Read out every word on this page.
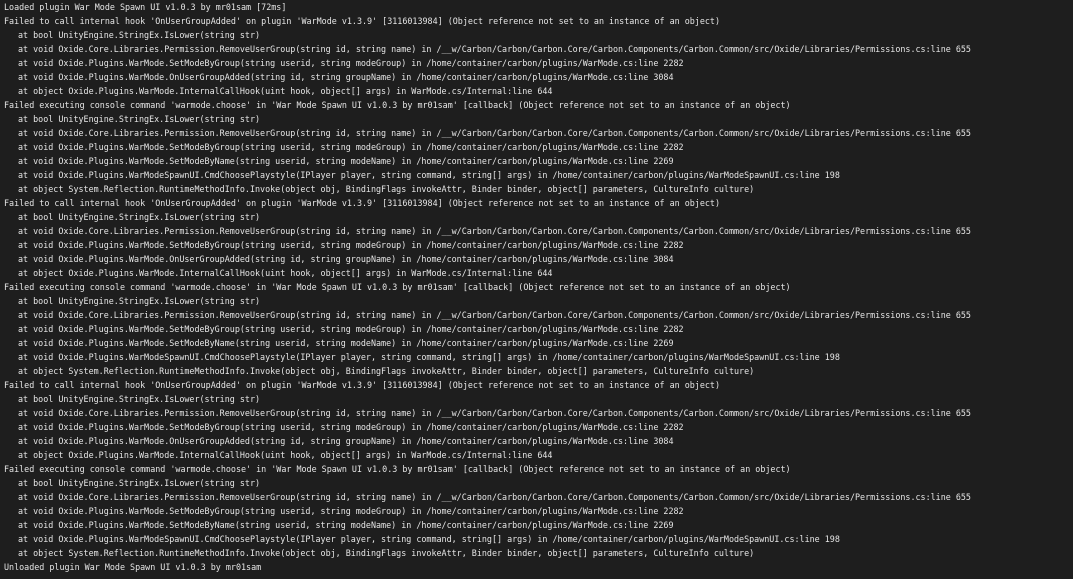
Loaded plugin War Mode Spawn UI v1.0.3 by mr01sam [72ms]
Failed to call internal hook 'OnUserGroupAdded' on plugin 'WarMode v1.3.9' [3116013984] (Object reference not set to an instance of an object)
at bool UnityEngine.StringEx.IsLower(string str)
at void Oxide.Core.Libraries.Permission.RemoveUserGroup(string id, string name) in /__w/Carbon/Carbon/Carbon.Core/Carbon.Components/Carbon.Common/src/Oxide/Libraries/Permissions.cs:line 655
at void Oxide.Plugins.WarMode.SetModeByGroup(string userid, string modeGroup) in /home/container/carbon/plugins/WarMode.cs:line 2282
at void Oxide.Plugins.WarMode.OnUserGroupAdded(string id, string groupName) in /home/container/carbon/plugins/WarMode.cs:line 3084
at object Oxide.Plugins.WarMode.InternalCallHook(uint hook, object[] args) in WarMode.cs/Internal:line 644
Failed executing console command 'warmode.choose' in 'War Mode Spawn UI v1.0.3 by mr01sam' [callback] (Object reference not set to an instance of an object)
at bool UnityEngine.StringEx.IsLower(string str)
at void Oxide.Core.Libraries.Permission.RemoveUserGroup(string id, string name) in /__w/Carbon/Carbon/Carbon.Core/Carbon.Components/Carbon.Common/src/Oxide/Libraries/Permissions.cs:line 655
at void Oxide.Plugins.WarMode.SetModeByGroup(string userid, string modeGroup) in /home/container/carbon/plugins/WarMode.cs:line 2282
at void Oxide.Plugins.WarMode.SetModeByName(string userid, string modeName) in /home/container/carbon/plugins/WarMode.cs:line 2269
at void Oxide.Plugins.WarModeSpawnUI.CmdChoosePlaystyle(IPlayer player, string command, string[] args) in /home/container/carbon/plugins/WarModeSpawnUI.cs:line 198
at object System.Reflection.RuntimeMethodInfo.Invoke(object obj, BindingFlags invokeAttr, Binder binder, object[] parameters, CultureInfo culture)
Failed to call internal hook 'OnUserGroupAdded' on plugin 'WarMode v1.3.9' [3116013984] (Object reference not set to an instance of an object)
at bool UnityEngine.StringEx.IsLower(string str)
at void Oxide.Core.Libraries.Permission.RemoveUserGroup(string id, string name) in /__w/Carbon/Carbon/Carbon.Core/Carbon.Components/Carbon.Common/src/Oxide/Libraries/Permissions.cs:line 655
at void Oxide.Plugins.WarMode.SetModeByGroup(string userid, string modeGroup) in /home/container/carbon/plugins/WarMode.cs:line 2282
at void Oxide.Plugins.WarMode.OnUserGroupAdded(string id, string groupName) in /home/container/carbon/plugins/WarMode.cs:line 3084
at object Oxide.Plugins.WarMode.InternalCallHook(uint hook, object[] args) in WarMode.cs/Internal:line 644
Failed executing console command 'warmode.choose' in 'War Mode Spawn UI v1.0.3 by mr01sam' [callback] (Object reference not set to an instance of an object)
at bool UnityEngine.StringEx.IsLower(string str)
at void Oxide.Core.Libraries.Permission.RemoveUserGroup(string id, string name) in /__w/Carbon/Carbon/Carbon.Core/Carbon.Components/Carbon.Common/src/Oxide/Libraries/Permissions.cs:line 655
at void Oxide.Plugins.WarMode.SetModeByGroup(string userid, string modeGroup) in /home/container/carbon/plugins/WarMode.cs:line 2282
at void Oxide.Plugins.WarMode.SetModeByName(string userid, string modeName) in /home/container/carbon/plugins/WarMode.cs:line 2269
at void Oxide.Plugins.WarModeSpawnUI.CmdChoosePlaystyle(IPlayer player, string command, string[] args) in /home/container/carbon/plugins/WarModeSpawnUI.cs:line 198
at object System.Reflection.RuntimeMethodInfo.Invoke(object obj, BindingFlags invokeAttr, Binder binder, object[] parameters, CultureInfo culture)
Failed to call internal hook 'OnUserGroupAdded' on plugin 'WarMode v1.3.9' [3116013984] (Object reference not set to an instance of an object)
at bool UnityEngine.StringEx.IsLower(string str)
at void Oxide.Core.Libraries.Permission.RemoveUserGroup(string id, string name) in /__w/Carbon/Carbon/Carbon.Core/Carbon.Components/Carbon.Common/src/Oxide/Libraries/Permissions.cs:line 655
at void Oxide.Plugins.WarMode.SetModeByGroup(string userid, string modeGroup) in /home/container/carbon/plugins/WarMode.cs:line 2282
at void Oxide.Plugins.WarMode.OnUserGroupAdded(string id, string groupName) in /home/container/carbon/plugins/WarMode.cs:line 3084
at object Oxide.Plugins.WarMode.InternalCallHook(uint hook, object[] args) in WarMode.cs/Internal:line 644
Failed executing console command 'warmode.choose' in 'War Mode Spawn UI v1.0.3 by mr01sam' [callback] (Object reference not set to an instance of an object)
at bool UnityEngine.StringEx.IsLower(string str)
at void Oxide.Core.Libraries.Permission.RemoveUserGroup(string id, string name) in /__w/Carbon/Carbon/Carbon.Core/Carbon.Components/Carbon.Common/src/Oxide/Libraries/Permissions.cs:line 655
at void Oxide.Plugins.WarMode.SetModeByGroup(string userid, string modeGroup) in /home/container/carbon/plugins/WarMode.cs:line 2282
at void Oxide.Plugins.WarMode.SetModeByName(string userid, string modeName) in /home/container/carbon/plugins/WarMode.cs:line 2269
at void Oxide.Plugins.WarModeSpawnUI.CmdChoosePlaystyle(IPlayer player, string command, string[] args) in /home/container/carbon/plugins/WarModeSpawnUI.cs:line 198
at object System.Reflection.RuntimeMethodInfo.Invoke(object obj, BindingFlags invokeAttr, Binder binder, object[] parameters, CultureInfo culture)
Unloaded plugin War Mode Spawn UI v1.0.3 by mr01sam
